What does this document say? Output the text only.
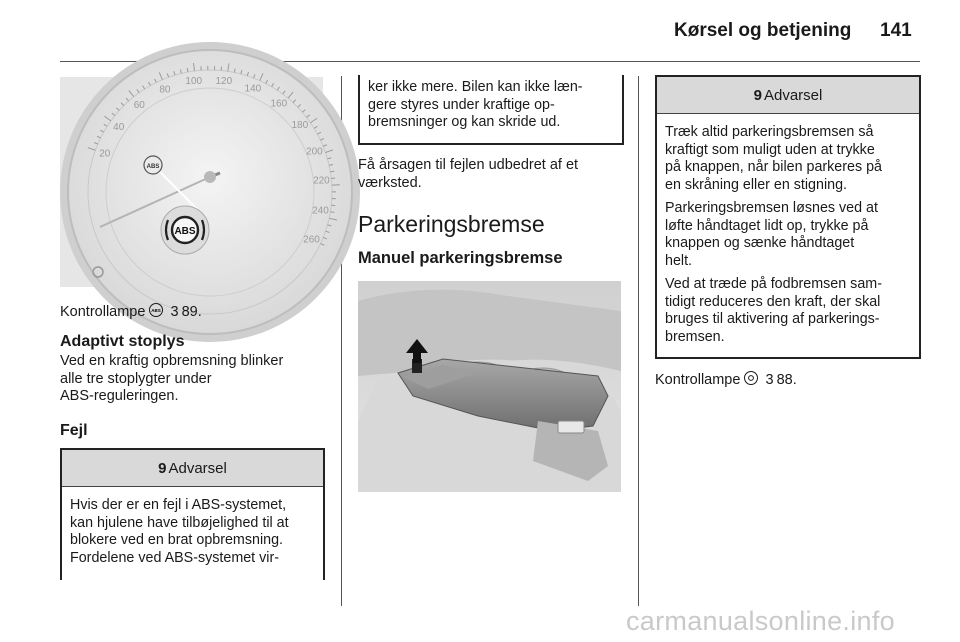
Kørsel og betjening 141
20
40
60
80
100 120
140
160
180
200
220
240
260
ABS
ABS
Kontrollampe ABS 3 89.
Adaptivt stoplys
Ved en kraftig opbremsning blinker
alle tre stoplygter under
ABS-reguleringen.
Fejl
9 Advarsel
Hvis der er en fejl i ABS-systemet,
kan hjulene have tilbøjelighed til at
blokere ved en brat opbremsning.
Fordelene ved ABS-systemet vir-
ker ikke mere. Bilen kan ikke læn-
gere styres under kraftige op-
bremsninger og kan skride ud.
Få årsagen til fejlen udbedret af et
værksted.
Parkeringsbremse
Manuel parkeringsbremse
9 Advarsel

Træk altid parkeringsbremsen så
kraftigt som muligt uden at trykke
på knappen, når bilen parkeres på
en skråning eller en stigning.

Parkeringsbremsen løsnes ved at
løfte håndtaget lidt op, trykke på
knappen og sænke håndtaget
helt.

Ved at træde på fodbremsen sam-
tidigt reduceres den kraft, der skal
bruges til aktivering af parkerings-
bremsen.

Kontrollampe 3 88.
carmanualsonline.info
